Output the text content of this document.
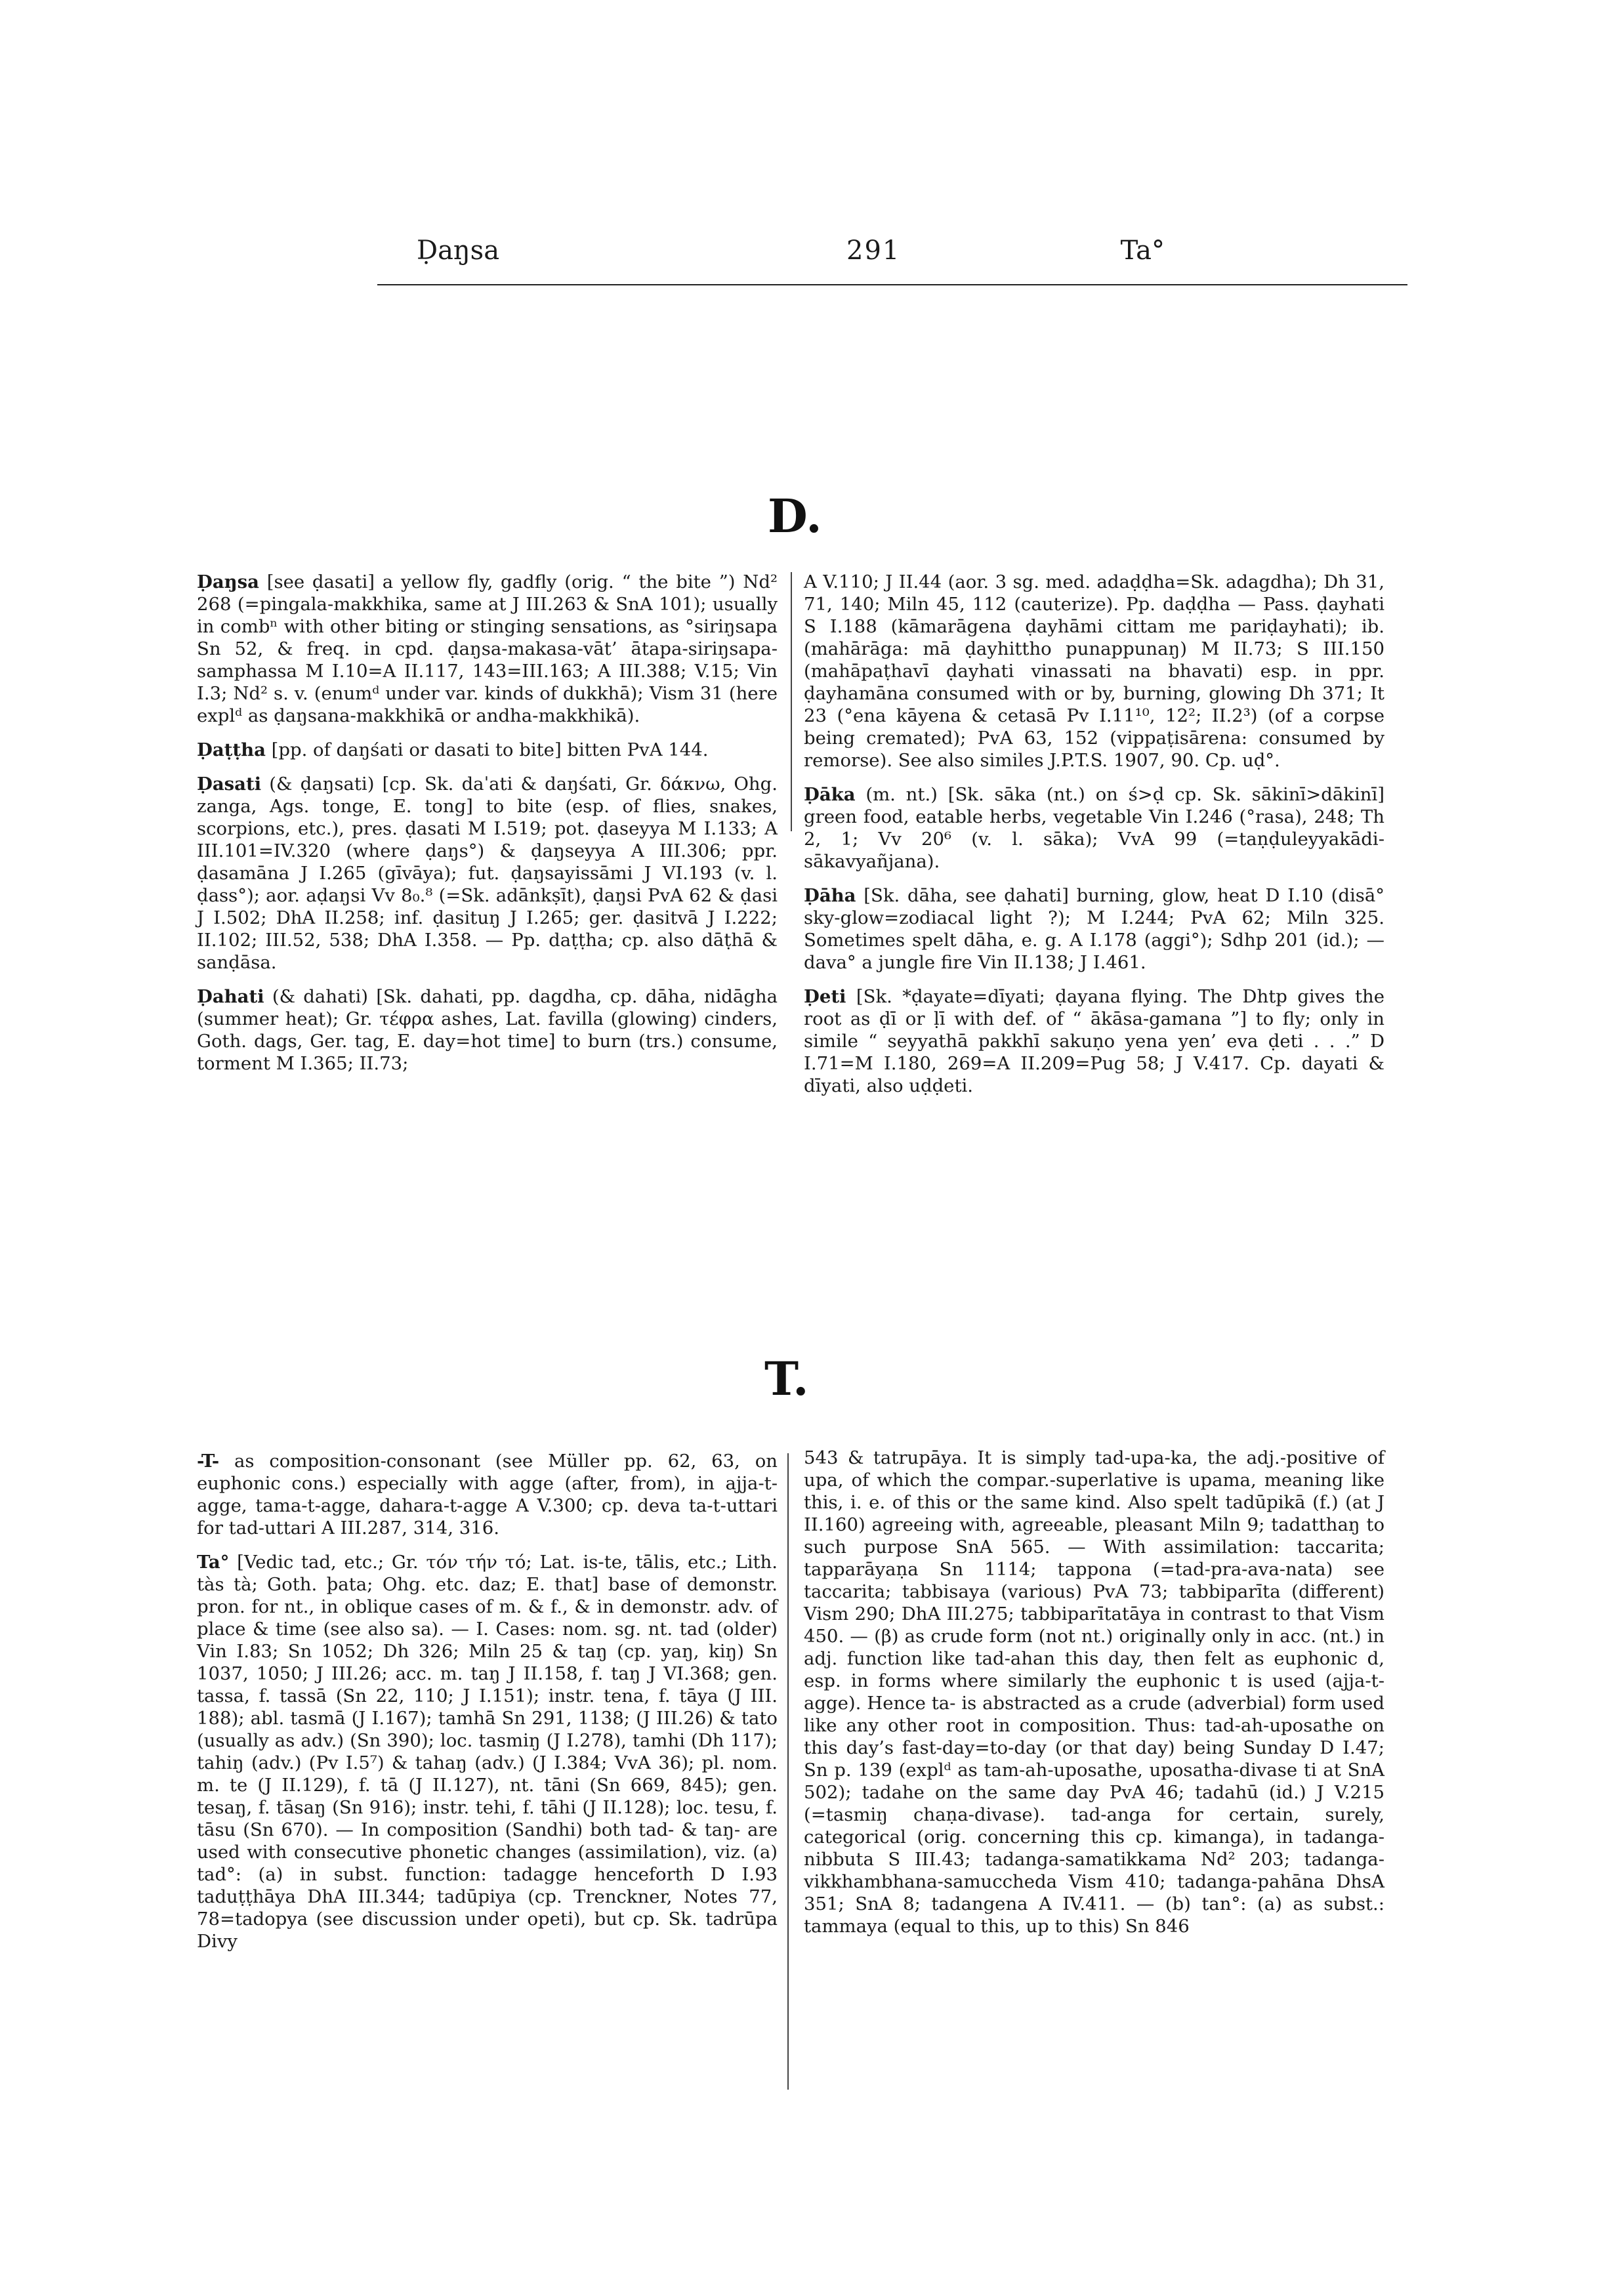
Ḍaŋsa	291	Ta°
D.

Ḍaŋsa [see ḍasati] a yellow fly, gadfly (orig. “ the bite ”) Nd² 268 (=pingala-makkhika, same at J III.263 & SnA 101); usually in combⁿ with other biting or stinging sensations, as °siriŋsapa Sn 52, & freq. in cpd. ḍaŋsa-makasa-vāt’ ātapa-siriŋsapa-samphassa M I.10=A II.117, 143=III.163; A III.388; V.15; Vin I.3; Nd² s. v. (enumᵈ under var. kinds of dukkhā); Vism 31 (here explᵈ as ḍaŋsana-makkhikā or andha-makkhikā).

Ḍaṭṭha [pp. of daŋśati or dasati to bite] bitten PvA 144.

Ḍasati (& ḍaŋsati) [cp. Sk. daˈati & daŋśati, Gr. δάκνω, Ohg. zanga, Ags. tonge, E. tong] to bite (esp. of flies, snakes, scorpions, etc.), pres. ḍasati M I.519; pot. ḍaseyya M I.133; A III.101=IV.320 (where ḍaŋs°) & ḍaŋseyya A III.306; ppr. ḍasamāna J I.265 (gīvāya); fut. ḍaŋsayissāmi J VI.193 (v. l. ḍass°); aor. aḍaŋsi Vv 8₀.⁸ (=Sk. adānkṣīt), ḍaŋsi PvA 62 & ḍasi J I.502; DhA II.258; inf. ḍasituŋ J I.265; ger. ḍasitvā J I.222; II.102; III.52, 538; DhA I.358. — Pp. daṭṭha; cp. also dāṭhā & sanḍāsa.

Ḍahati (& dahati) [Sk. dahati, pp. dagdha, cp. dāha, nidāgha (summer heat); Gr. τέφρα ashes, Lat. favilla (glowing) cinders, Goth. dags, Ger. tag, E. day=hot time] to burn (trs.) consume, torment M I.365; II.73;

A V.110; J II.44 (aor. 3 sg. med. adaḍḍha=Sk. adagdha); Dh 31, 71, 140; Miln 45, 112 (cauterize). Pp. daḍḍha — Pass. ḍayhati S I.188 (kāmarāgena ḍayhāmi cittam me pariḍayhati); ib. (mahārāga: mā ḍayhittho punappunaŋ) M II.73; S III.150 (mahāpaṭhavī ḍayhati vinassati na bhavati) esp. in ppr. ḍayhamāna consumed with or by, burning, glowing Dh 371; It 23 (°ena kāyena & cetasā Pv I.11¹⁰, 12²; II.2³) (of a corpse being cremated); PvA 63, 152 (vippaṭisārena: consumed by remorse). See also similes J.P.T.S. 1907, 90. Cp. uḍ°.

Ḍāka (m. nt.) [Sk. sāka (nt.) on ś>ḍ cp. Sk. sākinī>dākinī] green food, eatable herbs, vegetable Vin I.246 (°rasa), 248; Th 2, 1; Vv 20⁶ (v. l. sāka); VvA 99 (=taṇḍuleyyakādi-sākavyañjana).

Ḍāha [Sk. dāha, see ḍahati] burning, glow, heat D I.10 (disā° sky-glow=zodiacal light ?); M I.244; PvA 62; Miln 325. Sometimes spelt dāha, e. g. A I.178 (aggi°); Sdhp 201 (id.); — dava° a jungle fire Vin II.138; J I.461.

Ḍeti [Sk. *ḍayate=dīyati; ḍayana flying. The Dhtp gives the root as ḍī or ḷī with def. of “ ākāsa-gamana ”] to fly; only in simile “ seyyathā pakkhī sakuṇo yena yen’ eva ḍeti . . .” D I.71=M I.180, 269=A II.209=Pug 58; J V.417. Cp. dayati & dīyati, also uḍḍeti.

T.

-T- as composition-consonant (see Müller pp. 62, 63, on euphonic cons.) especially with agge (after, from), in ajja-t-agge, tama-t-agge, dahara-t-agge A V.300; cp. deva ta-t-uttari for tad-uttari A III.287, 314, 316.

Ta° [Vedic tad, etc.; Gr. τόν τήν τό; Lat. is-te, tālis, etc.; Lith. tàs tà; Goth. þata; Ohg. etc. daz; E. that] base of demonstr. pron. for nt., in oblique cases of m. & f., & in demonstr. adv. of place & time (see also sa). — I. Cases: nom. sg. nt. tad (older) Vin I.83; Sn 1052; Dh 326; Miln 25 & taŋ (cp. yaŋ, kiŋ) Sn 1037, 1050; J III.26; acc. m. taŋ J II.158, f. taŋ J VI.368; gen. tassa, f. tassā (Sn 22, 110; J I.151); instr. tena, f. tāya (J III. 188); abl. tasmā (J I.167); tamhā Sn 291, 1138; (J III.26) & tato (usually as adv.) (Sn 390); loc. tasmiŋ (J I.278), tamhi (Dh 117); tahiŋ (adv.) (Pv I.5⁷) & tahaŋ (adv.) (J I.384; VvA 36); pl. nom. m. te (J II.129), f. tā (J II.127), nt. tāni (Sn 669, 845); gen. tesaŋ, f. tāsaŋ (Sn 916); instr. tehi, f. tāhi (J II.128); loc. tesu, f. tāsu (Sn 670). — In composition (Sandhi) both tad- & taŋ- are used with consecutive phonetic changes (assimilation), viz. (a) tad°: (a) in subst. function: tadagge henceforth D I.93 taduṭṭhāya DhA III.344; tadūpiya (cp. Trenckner, Notes 77, 78=tadopya (see discussion under opeti), but cp. Sk. tadrūpa Divy

543 & tatrupāya. It is simply tad-upa-ka, the adj.-positive of upa, of which the compar.-superlative is upama, meaning like this, i. e. of this or the same kind. Also spelt tadūpikā (f.) (at J II.160) agreeing with, agreeable, pleasant Miln 9; tadatthaŋ to such purpose SnA 565. — With assimilation: taccarita; tapparāyaṇa Sn 1114; tapponа (=tad-pra-ava-nata) see taccarita; tabbisaya (various) PvA 73; tabbiparīta (different) Vism 290; DhA III.275; tabbiparītatāya in contrast to that Vism 450. — (β) as crude form (not nt.) originally only in acc. (nt.) in adj. function like tad-ahan this day, then felt as euphonic d, esp. in forms where similarly the euphonic t is used (ajja-t-agge). Hence ta- is abstracted as a crude (adverbial) form used like any other root in composition. Thus: tad-ah-uposathe on this day’s fast-day=to-day (or that day) being Sunday D I.47; Sn p. 139 (explᵈ as tam-ah-uposathe, uposatha-divase ti at SnA 502); tadahe on the same day PvA 46; tadahū (id.) J V.215 (=tasmiŋ chaṇa-divase). tad-anga for certain, surely, categorical (orig. concerning this cp. kimanga), in tadanga-nibbuta S III.43; tadanga-samatikkama Nd² 203; tadanga-vikkhambhana-samuccheda Vism 410; tadanga-pahāna DhsA 351; SnA 8; tadangena A IV.411. — (b) tan°: (a) as subst.: tammaya (equal to this, up to this) Sn 846
